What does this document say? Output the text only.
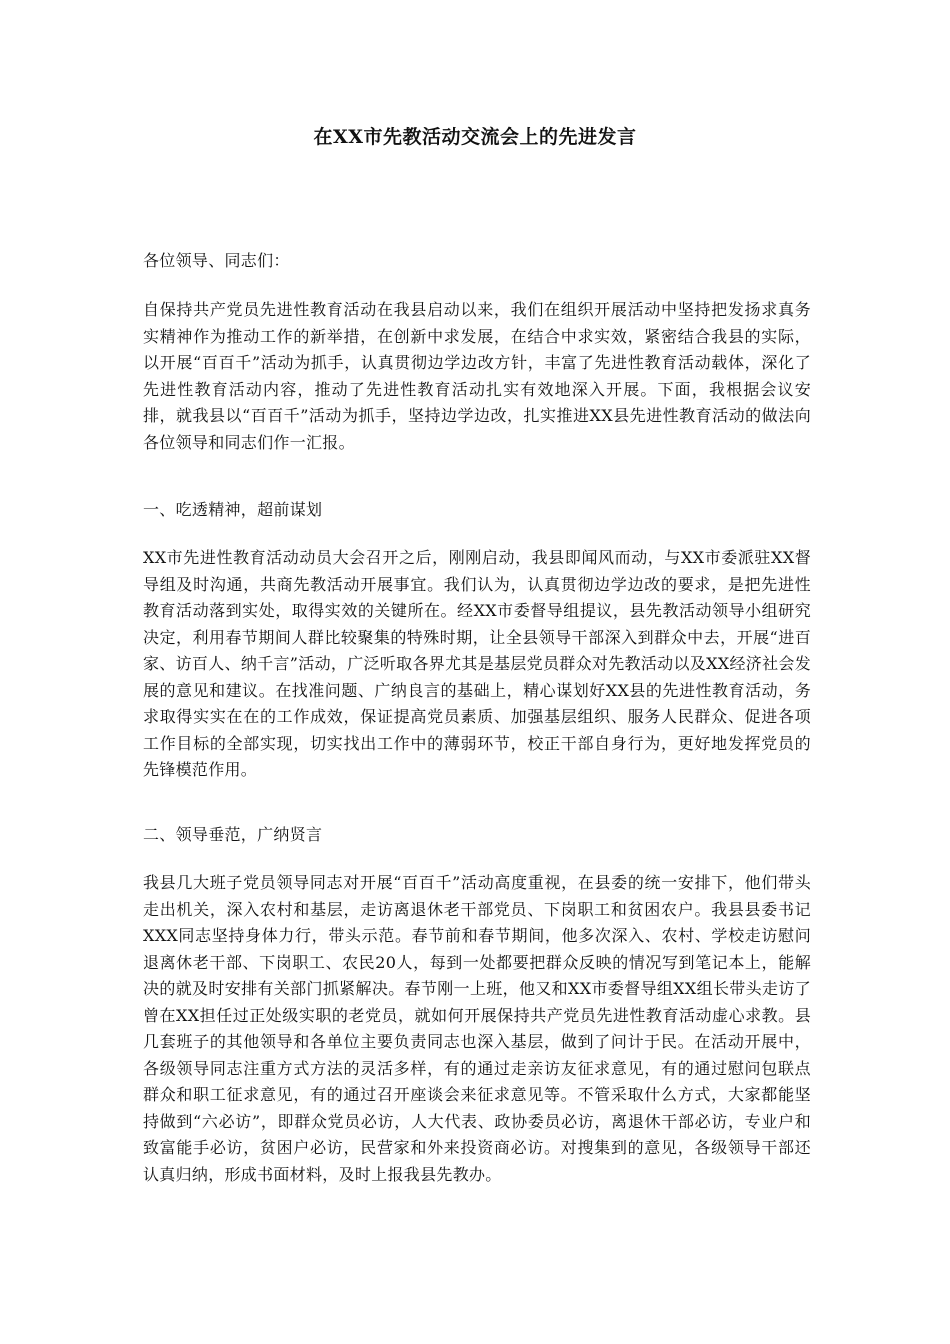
在XX市先教活动交流会上的先进发言

各位领导、同志们：

自保持共产党员先进性教育活动在我县启动以来，我们在组织开展活动中坚持把发扬求真务实精神作为推动工作的新举措，在创新中求发展，在结合中求实效，紧密结合我县的实际，以开展“百百千”活动为抓手，认真贯彻边学边改方针，丰富了先进性教育活动载体，深化了先进性教育活动内容，推动了先进性教育活动扎实有效地深入开展。下面，我根据会议安排，就我县以“百百千”活动为抓手，坚持边学边改，扎实推进XX县先进性教育活动的做法向各位领导和同志们作一汇报。

一、吃透精神，超前谋划

XX市先进性教育活动动员大会召开之后，刚刚启动，我县即闻风而动，与XX市委派驻XX督导组及时沟通，共商先教活动开展事宜。我们认为，认真贯彻边学边改的要求，是把先进性教育活动落到实处，取得实效的关键所在。经XX市委督导组提议，县先教活动领导小组研究决定，利用春节期间人群比较聚集的特殊时期，让全县领导干部深入到群众中去，开展“进百家、访百人、纳千言”活动，广泛听取各界尤其是基层党员群众对先教活动以及XX经济社会发展的意见和建议。在找准问题、广纳良言的基础上，精心谋划好XX县的先进性教育活动，务求取得实实在在的工作成效，保证提高党员素质、加强基层组织、服务人民群众、促进各项工作目标的全部实现，切实找出工作中的薄弱环节，校正干部自身行为，更好地发挥党员的先锋模范作用。

二、领导垂范，广纳贤言

我县几大班子党员领导同志对开展“百百千”活动高度重视，在县委的统一安排下，他们带头走出机关，深入农村和基层，走访离退休老干部党员、下岗职工和贫困农户。我县县委书记XXX同志坚持身体力行，带头示范。春节前和春节期间，他多次深入、农村、学校走访慰问退离休老干部、下岗职工、农民20人，每到一处都要把群众反映的情况写到笔记本上，能解决的就及时安排有关部门抓紧解决。春节刚一上班，他又和XX市委督导组XX组长带头走访了曾在XX担任过正处级实职的老党员，就如何开展保持共产党员先进性教育活动虚心求教。县几套班子的其他领导和各单位主要负责同志也深入基层，做到了问计于民。在活动开展中，各级领导同志注重方式方法的灵活多样，有的通过走亲访友征求意见，有的通过慰问包联点群众和职工征求意见，有的通过召开座谈会来征求意见等。不管采取什么方式，大家都能坚持做到“六必访”，即群众党员必访，人大代表、政协委员必访，离退休干部必访，专业户和致富能手必访，贫困户必访，民营家和外来投资商必访。对搜集到的意见，各级领导干部还认真归纳，形成书面材料，及时上报我县先教办。
